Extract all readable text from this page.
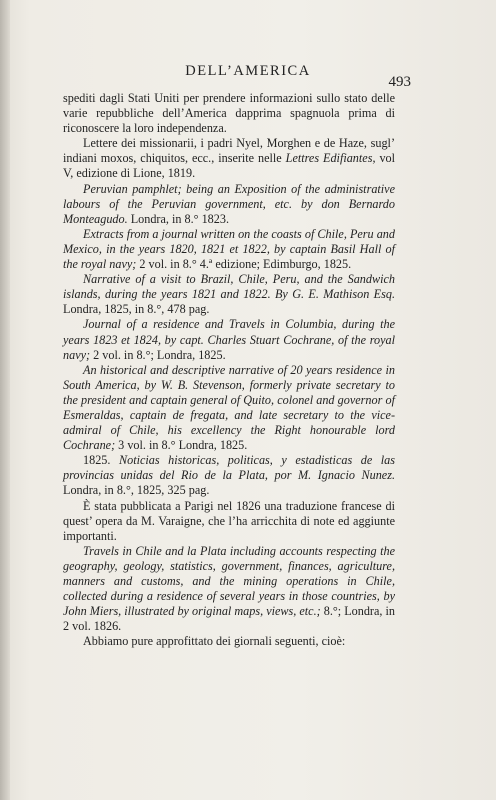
DELL’AMERICA
493

spediti dagli Stati Uniti per prendere informazioni sullo stato delle varie repubbliche dell’America dapprima spagnuola prima di riconoscere la loro independenza.

Lettere dei missionarii, i padri Nyel, Morghen e de Haze, sugl’ indiani moxos, chiquitos, ecc., inserite nelle Lettres Edifiantes, vol V, edizione di Lione, 1819.

Peruvian pamphlet; being an Exposition of the administrative labours of the Peruvian government, etc. by don Bernardo Monteagudo. Londra, in 8.° 1823.

Extracts from a journal written on the coasts of Chile, Peru and Mexico, in the years 1820, 1821 et 1822, by captain Basil Hall of the royal navy; 2 vol. in 8.° 4.ª edizione; Edimburgo, 1825.

Narrative of a visit to Brazil, Chile, Peru, and the Sandwich islands, during the years 1821 and 1822. By G. E. Mathison Esq. Londra, 1825, in 8.°, 478 pag.

Journal of a residence and Travels in Columbia, during the years 1823 et 1824, by capt. Charles Stuart Cochrane, of the royal navy; 2 vol. in 8.°; Londra, 1825.

An historical and descriptive narrative of 20 years residence in South America, by W. B. Stevenson, formerly private secretary to the president and captain general of Quito, colonel and governor of Esmeraldas, captain de fregata, and late secretary to the vice-admiral of Chile, his excellency the Right honourable lord Cochrane; 3 vol. in 8.° Londra, 1825.

1825. Noticias historicas, politicas, y estadisticas de las provincias unidas del Rio de la Plata, por M. Ignacio Nunez. Londra, in 8.°, 1825, 325 pag.

È stata pubblicata a Parigi nel 1826 una traduzione francese di quest’ opera da M. Varaigne, che l’ha arricchita di note ed aggiunte importanti.

Travels in Chile and la Plata including accounts respecting the geography, geology, statistics, government, finances, agriculture, manners and customs, and the mining operations in Chile, collected during a residence of several years in those countries, by John Miers, illustrated by original maps, views, etc.; 8.°; Londra, in 2 vol. 1826.

Abbiamo pure approfittato dei giornali seguenti, cioè:
